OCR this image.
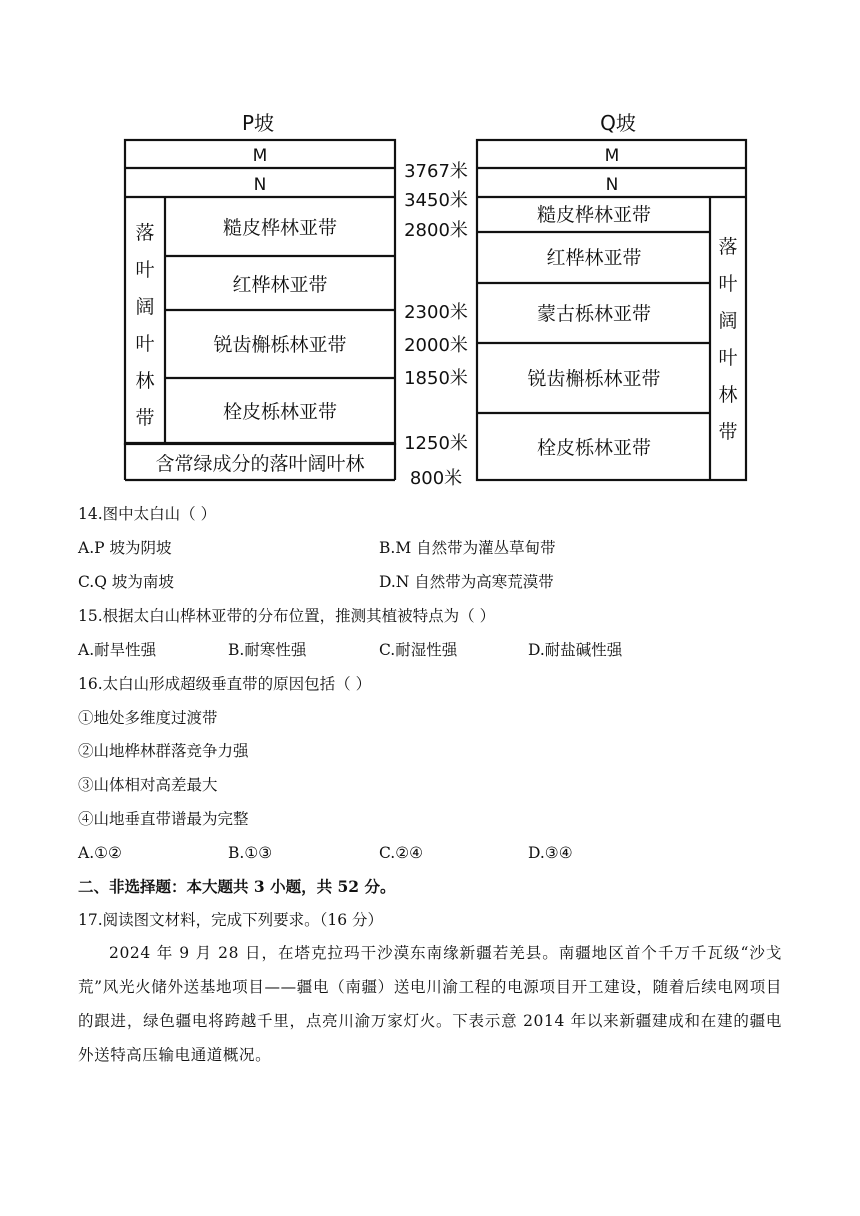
P坡	Q坡
M
N
糙皮桦林亚带
红桦林亚带
锐齿槲栎林亚带
栓皮栎林亚带
含常绿成分的落叶阔叶林
落
叶
阔
叶
林
带
M
N
糙皮桦林亚带
红桦林亚带
蒙古栎林亚带
锐齿槲栎林亚带
栓皮栎林亚带
落
叶
阔
叶
林
带
3767米
3450米
2800米
2300米
2000米
1850米
1250米
800米
14.图中太白山（ ）
A.P 坡为阴坡	B.M 自然带为灌丛草甸带
C.Q 坡为南坡	D.N 自然带为高寒荒漠带
15.根据太白山桦林亚带的分布位置，推测其植被特点为（ ）
A.耐旱性强	B.耐寒性强	C.耐湿性强	D.耐盐碱性强
16.太白山形成超级垂直带的原因包括（ ）
①地处多维度过渡带
②山地桦林群落竞争力强
③山体相对高差最大
④山地垂直带谱最为完整
A.①②	B.①③	C.②④	D.③④
二、非选择题：本大题共 3 小题，共 52 分。
17.阅读图文材料，完成下列要求。（16 分）
2024 年 9 月 28 日，在塔克拉玛干沙漠东南缘新疆若羌县。南疆地区首个千万千瓦级“沙戈荒”风光火储外送基地项目——疆电（南疆）送电川渝工程的电源项目开工建设，随着后续电网项目的跟进，绿色疆电将跨越千里，点亮川渝万家灯火。下表示意 2014 年以来新疆建成和在建的疆电外送特高压输电通道概况。
